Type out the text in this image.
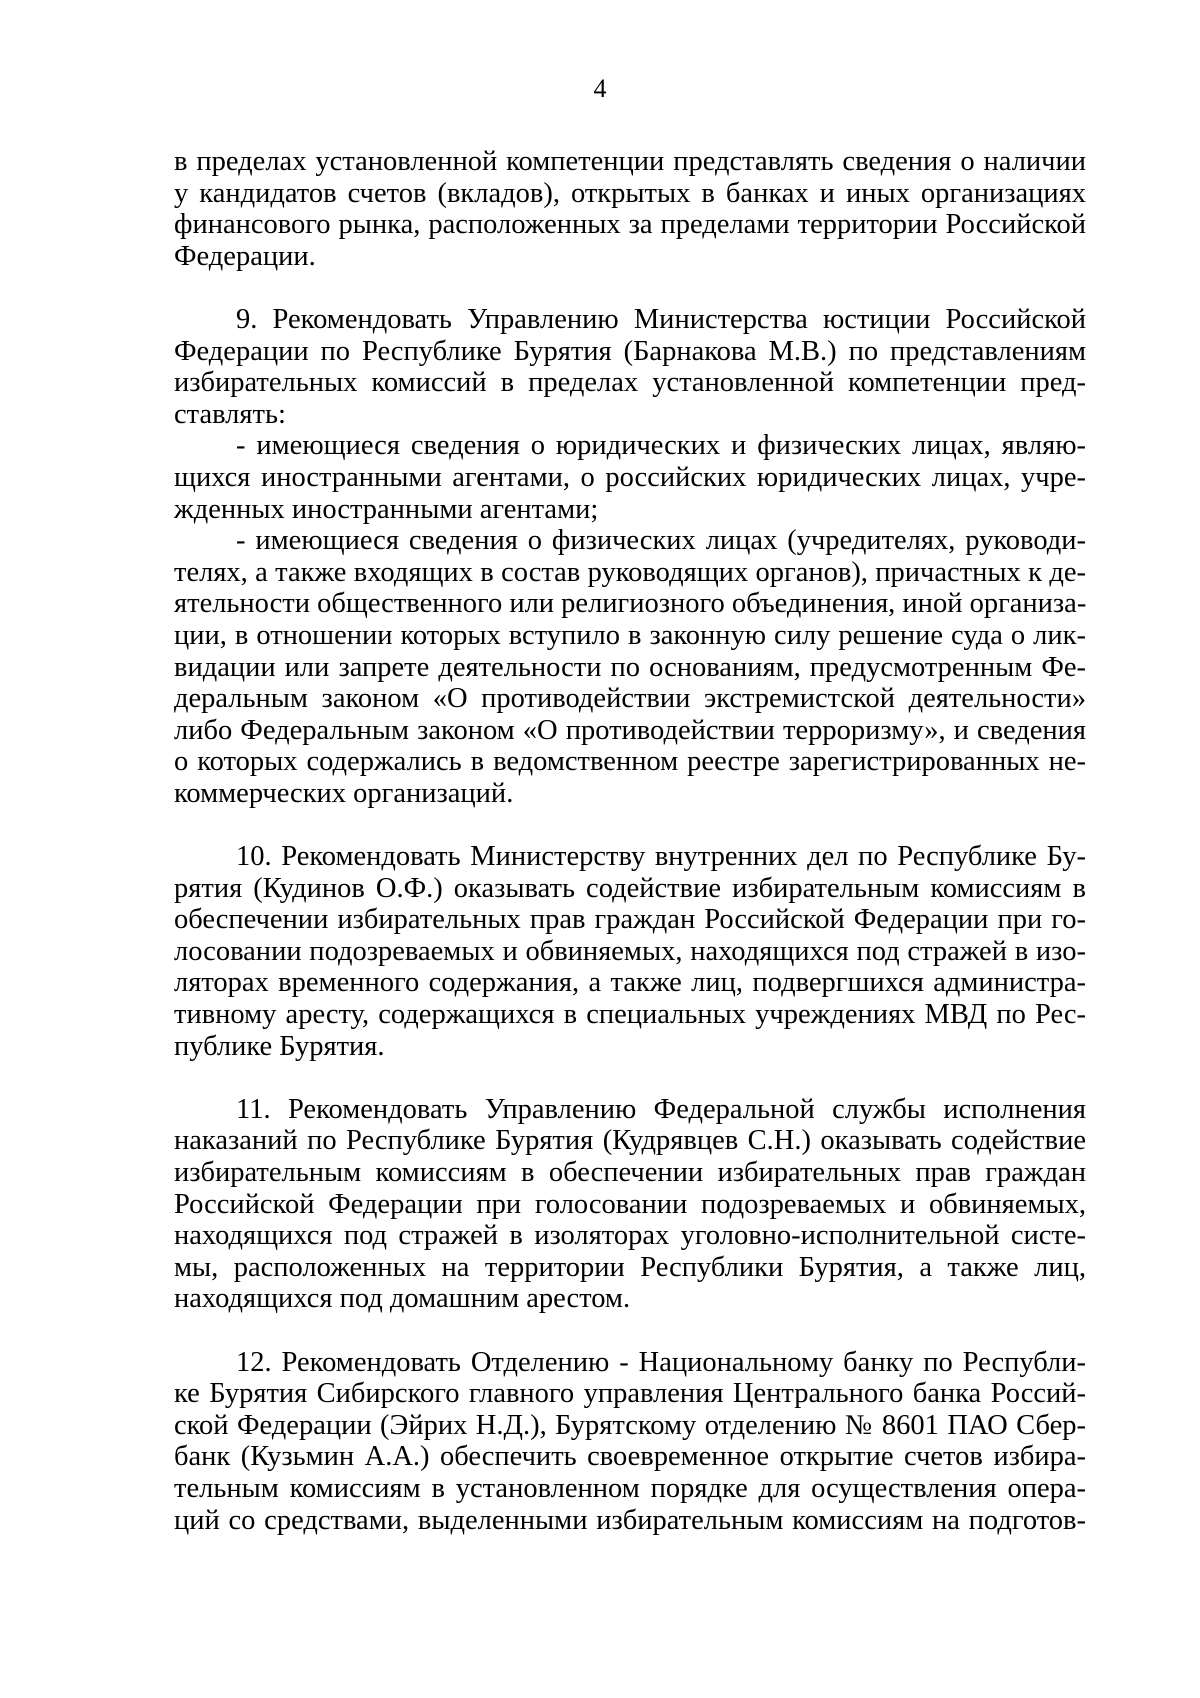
4
в пределах установленной компетенции представлять сведения о наличии
у кандидатов счетов (вкладов), открытых в банках и иных организациях
финансового рынка, расположенных за пределами территории Российской
Федерации.
9. Рекомендовать Управлению Министерства юстиции Российской
Федерации по Республике Бурятия (Барнакова М.В.) по представлениям
избирательных комиссий в пределах установленной компетенции пред-
ставлять:
- имеющиеся сведения о юридических и физических лицах, являю-
щихся иностранными агентами, о российских юридических лицах, учре-
жденных иностранными агентами;
- имеющиеся сведения о физических лицах (учредителях, руководи-
телях, а также входящих в состав руководящих органов), причастных к де-
ятельности общественного или религиозного объединения, иной организа-
ции, в отношении которых вступило в законную силу решение суда о лик-
видации или запрете деятельности по основаниям, предусмотренным Фе-
деральным законом «О противодействии экстремистской деятельности»
либо Федеральным законом «О противодействии терроризму», и сведения
о которых содержались в ведомственном реестре зарегистрированных не-
коммерческих организаций.
10. Рекомендовать Министерству внутренних дел по Республике Бу-
рятия (Кудинов О.Ф.) оказывать содействие избирательным комиссиям в
обеспечении избирательных прав граждан Российской Федерации при го-
лосовании подозреваемых и обвиняемых, находящихся под стражей в изо-
ляторах временного содержания, а также лиц, подвергшихся администра-
тивному аресту, содержащихся в специальных учреждениях МВД по Рес-
публике Бурятия.
11. Рекомендовать Управлению Федеральной службы исполнения
наказаний по Республике Бурятия (Кудрявцев С.Н.) оказывать содействие
избирательным комиссиям в обеспечении избирательных прав граждан
Российской Федерации при голосовании подозреваемых и обвиняемых,
находящихся под стражей в изоляторах уголовно-исполнительной систе-
мы, расположенных на территории Республики Бурятия, а также лиц,
находящихся под домашним арестом.
12. Рекомендовать Отделению - Национальному банку по Республи-
ке Бурятия Сибирского главного управления Центрального банка Россий-
ской Федерации (Эйрих Н.Д.), Бурятскому отделению № 8601 ПАО Сбер-
банк (Кузьмин А.А.) обеспечить своевременное открытие счетов избира-
тельным комиссиям в установленном порядке для осуществления опера-
ций со средствами, выделенными избирательным комиссиям на подготов-
